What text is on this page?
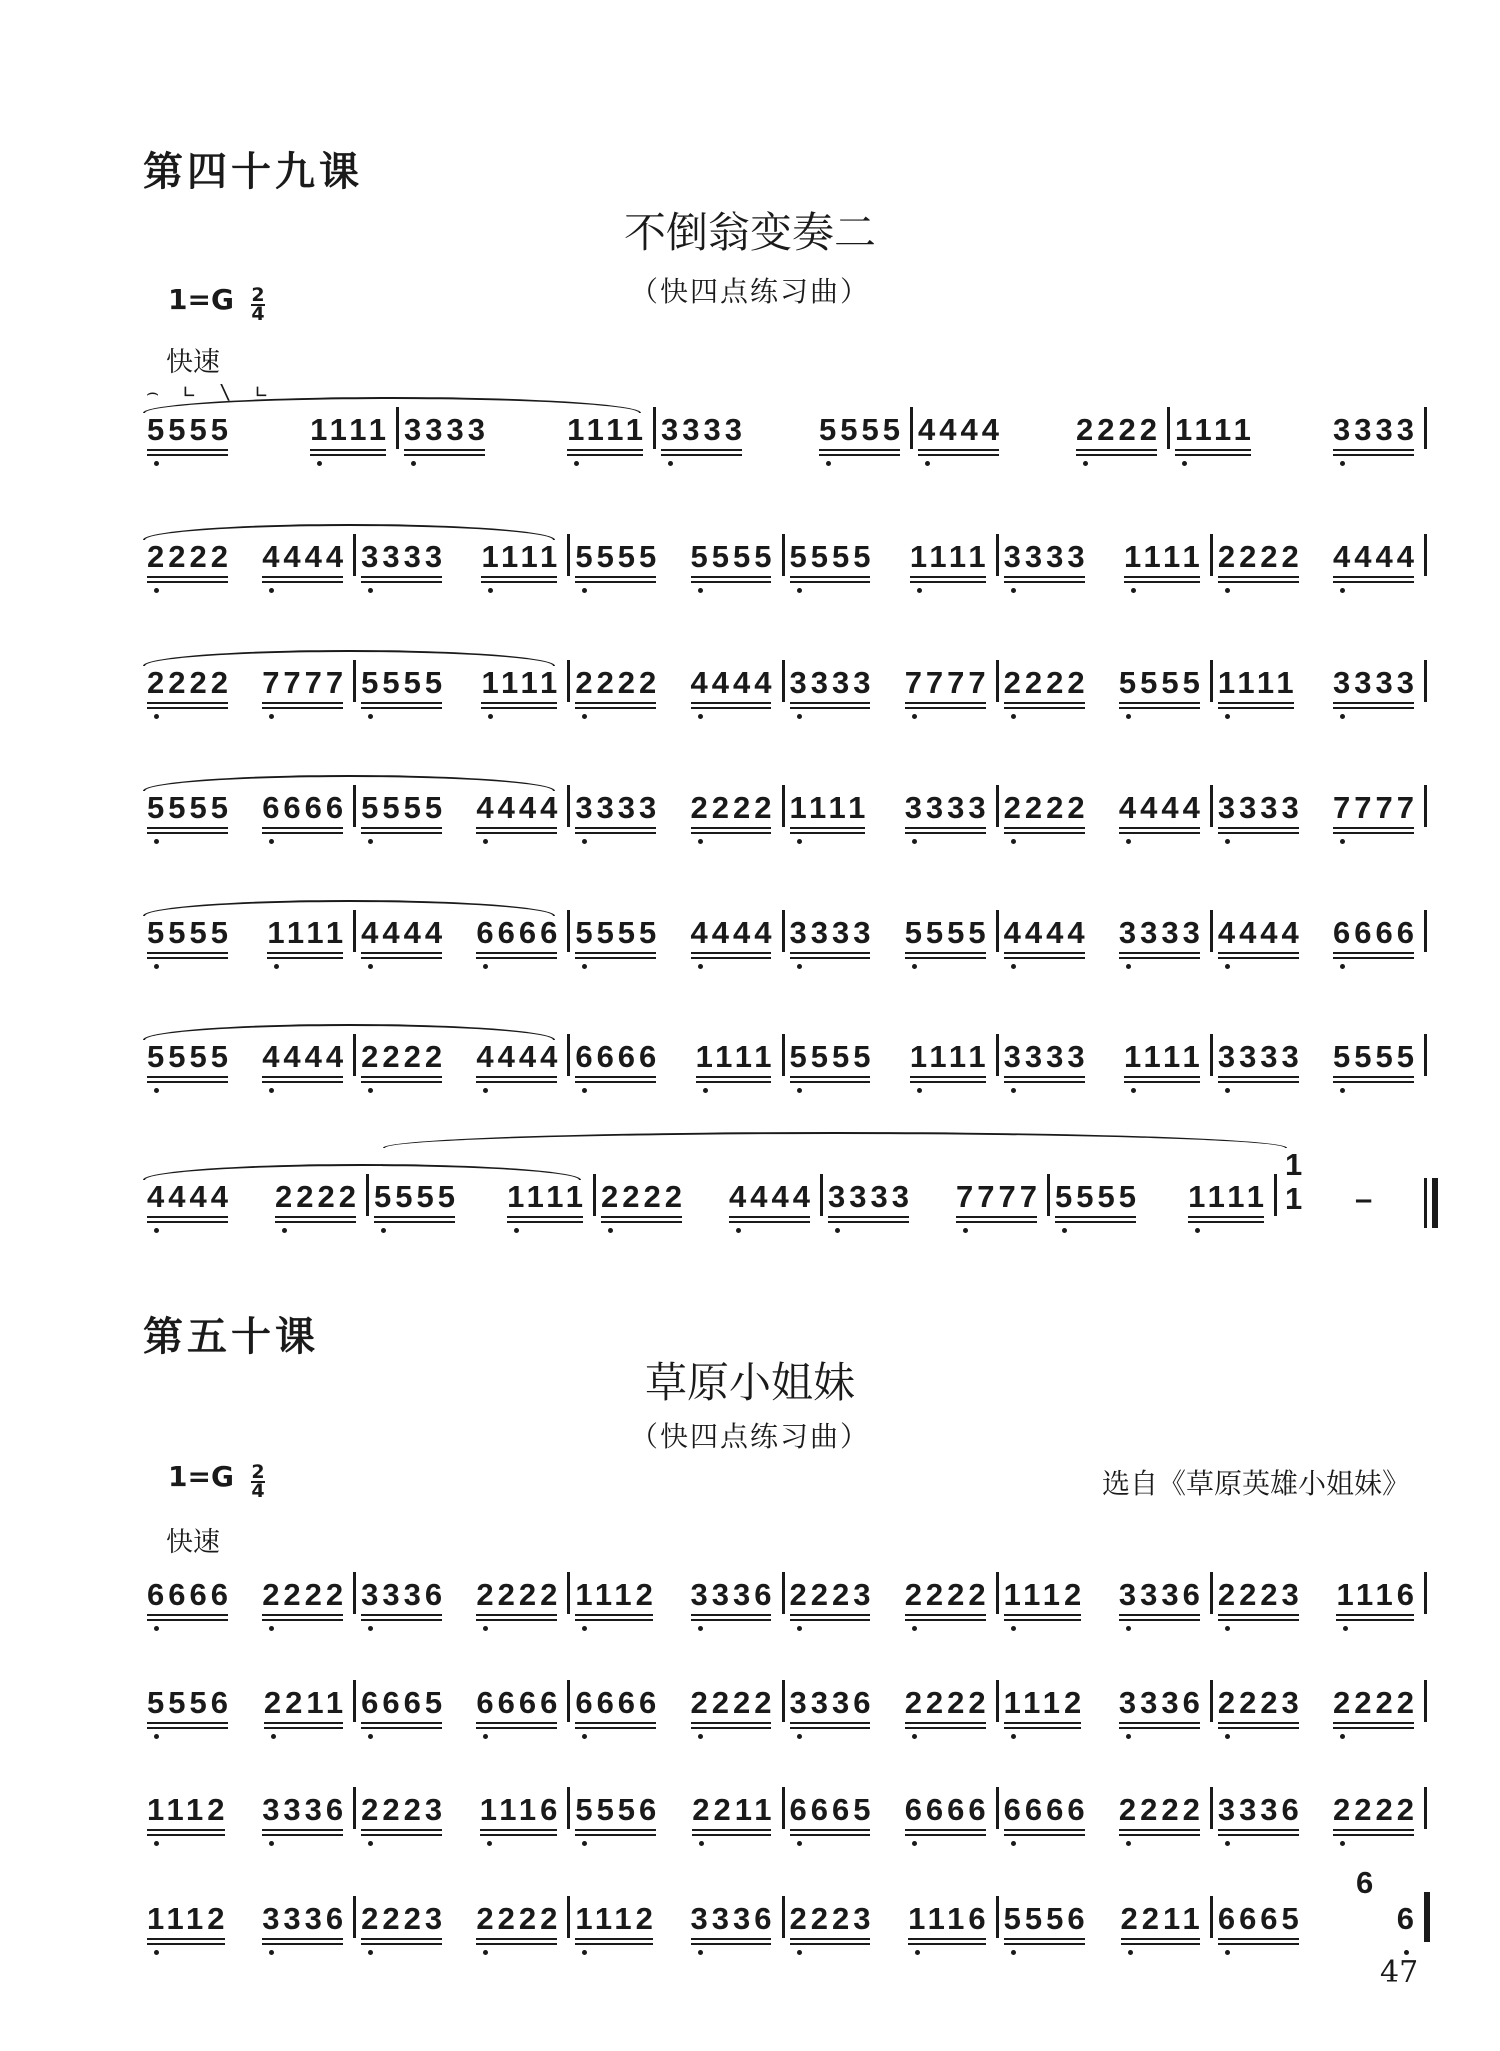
第四十九课
不倒翁变奏二
（快四点练习曲）
$1=G \frac{2}{4}$
快速
⌢ ∟ \ ∟
5555	1111 3333	1111 3333 5555 4444 2222 1111	3333
2222 4444 3333 1111 5555 5555 5555 1111 3333 1111 2222 4444
2222 7777 5555 1111 2222 4444 3333 7777 2222 5555 1111 3333
5555 6666 5555 4444 3333 2222 1111 3333 2222 4444 3333 7777
5555 1111 4444 6666 5555 4444 3333 5555 4444 3333 4444 6666
5555 4444 2222 4444 6666 1111 5555 1111 3333 1111 3333 5555
4444 2222 5555 1111 2222 4444 3333 7777 5555 1111
1
1 –
第五十课
草原小姐妹
（快四点练习曲）
$1=G \frac{2}{4}$	选自《草原英雄小姐妹》
快速
6666 2222 3336 2222 1112 3336 2223 2222 1112 3336 2223 1116
5556 2211 6665 6666 6666 2222 3336 2222 1112 3336 2223 2222
1112 3336 2223 1116 5556 2211 6665 6666 6666 2222 3336 2222
1112 3336 2223 2222 1112 3336 2223 1116 5556 2211 6665	6
6
47
